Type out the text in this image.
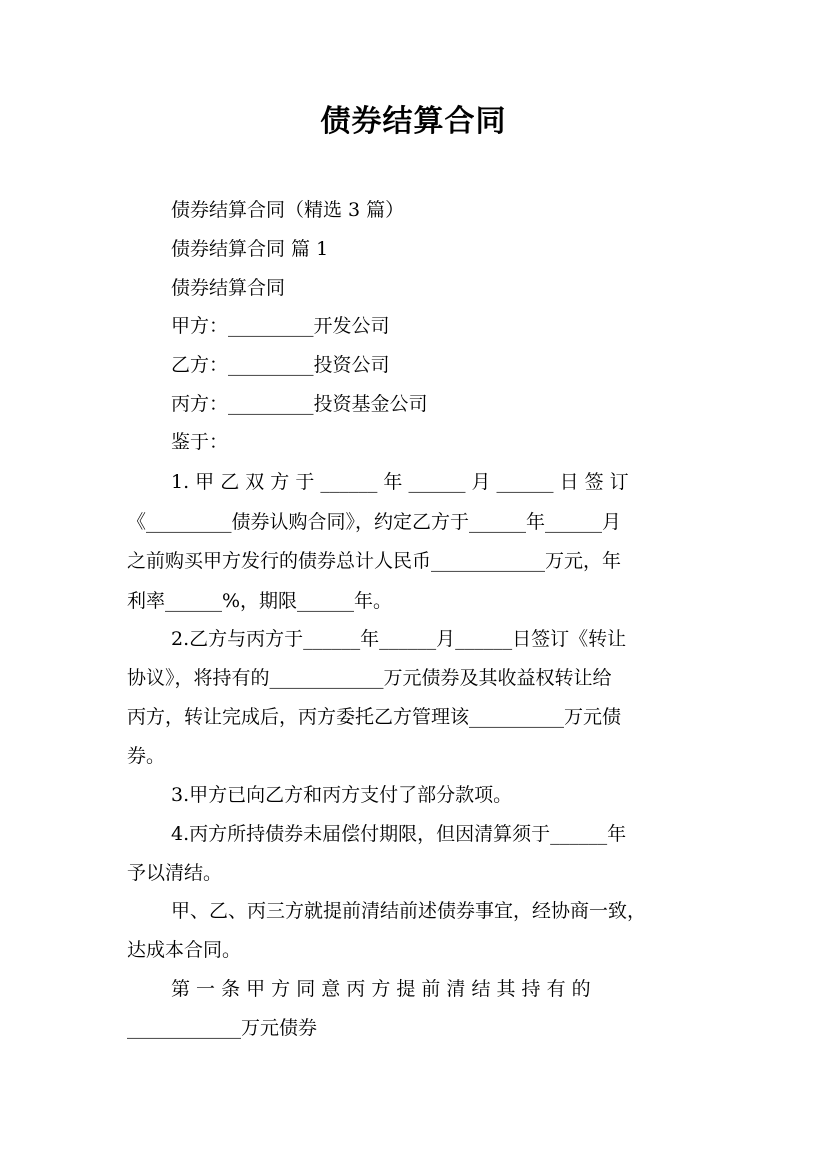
债券结算合同
债券结算合同（精选 3 篇）
债券结算合同 篇 1
债券结算合同
甲方：_________开发公司
乙方：_________投资公司
丙方：_________投资基金公司
鉴于：
1. 甲 乙 双 方 于 ______ 年 ______ 月 ______ 日 签 订
《_________债券认购合同》，约定乙方于______年______月
之前购买甲方发行的债券总计人民币____________万元，年
利率______%，期限______年。
2.乙方与丙方于______年______月______日签订《转让
协议》，将持有的____________万元债券及其收益权转让给
丙方，转让完成后，丙方委托乙方管理该__________万元债
券。
3.甲方已向乙方和丙方支付了部分款项。
4.丙方所持债券未届偿付期限，但因清算须于______年
予以清结。
甲、乙、丙三方就提前清结前述债券事宜，经协商一致，
达成本合同。
第 一 条 甲 方 同 意 丙 方 提 前 清 结 其 持 有 的
____________万元债券
